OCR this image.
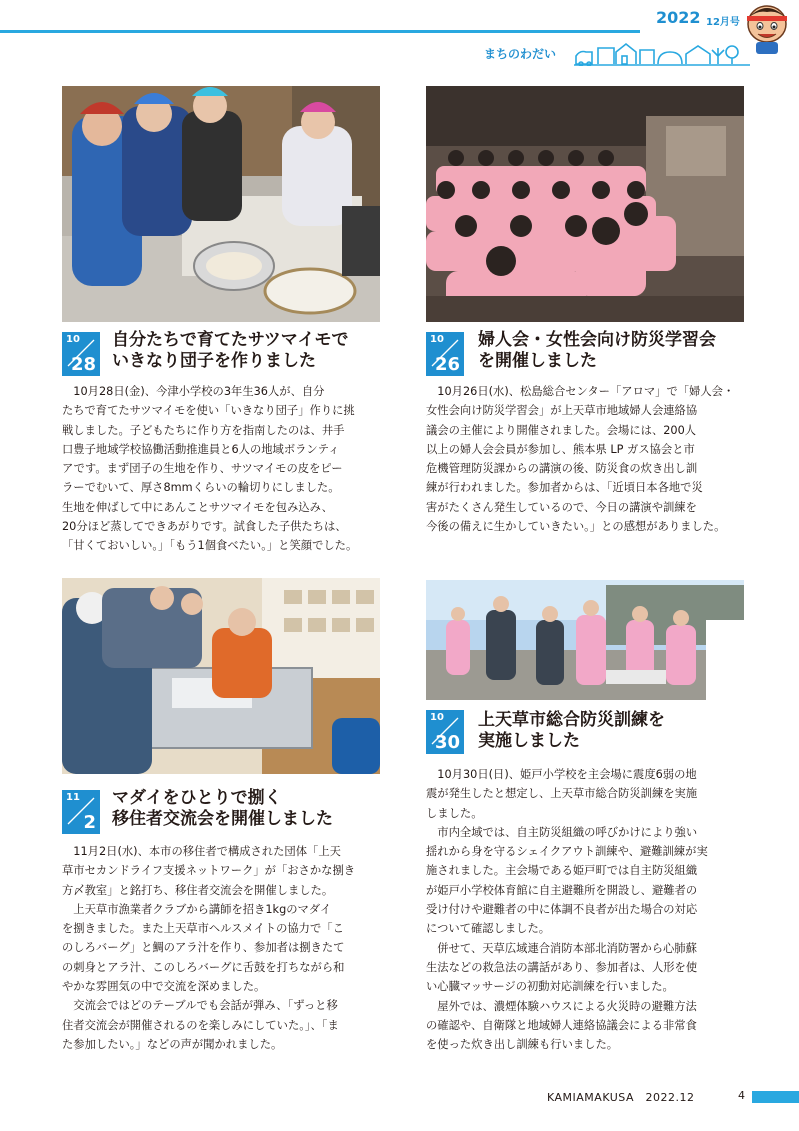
2022 12月号
まちのわだい
10
28
自分たちで育てたサツマイモで
いきなり団子を作りました

10月28日(金)、今津小学校の3年生36人が、自分

たちで育てたサツマイモを使い「いきなり団子」作りに挑

戦しました。子どもたちに作り方を指南したのは、井手

口豊子地域学校協働活動推進員と6人の地域ボランティ

アです。まず団子の生地を作り、サツマイモの皮をピー

ラーでむいて、厚さ8mmくらいの輪切りにしました。

生地を伸ばして中にあんことサツマイモを包み込み、

20分ほど蒸してできあがりです。試食した子供たちは、

「甘くておいしい。」「もう1個食べたい。」と笑顔でした。

10
26
婦人会・女性会向け防災学習会
を開催しました

10月26日(水)、松島総合センター「アロマ」で「婦人会・

女性会向け防災学習会」が上天草市地域婦人会連絡協

議会の主催により開催されました。会場には、200人

以上の婦人会会員が参加し、熊本県 LP ガス協会と市

危機管理防災課からの講演の後、防災食の炊き出し訓

練が行われました。参加者からは、「近頃日本各地で災

害がたくさん発生しているので、今日の講演や訓練を

今後の備えに生かしていきたい。」との感想がありました。

10
30
上天草市総合防災訓練を
実施しました

10月30日(日)、姫戸小学校を主会場に震度6弱の地

震が発生したと想定し、上天草市総合防災訓練を実施

しました。

市内全域では、自主防災組織の呼びかけにより強い

揺れから身を守るシェイクアウト訓練や、避難訓練が実

施されました。主会場である姫戸町では自主防災組織

が姫戸小学校体育館に自主避難所を開設し、避難者の

受け付けや避難者の中に体調不良者が出た場合の対応

について確認しました。

併せて、天草広域連合消防本部北消防署から心肺蘇

生法などの救急法の講話があり、参加者は、人形を使

い心臓マッサージの初動対応訓練を行いました。

屋外では、濃煙体験ハウスによる火災時の避難方法

の確認や、自衛隊と地域婦人連絡協議会による非常食

を使った炊き出し訓練も行いました。

11
2
マダイをひとりで捌く
移住者交流会を開催しました

11月2日(水)、本市の移住者で構成された団体「上天

草市セカンドライフ支援ネットワーク」が「おさかな捌き

方〆教室」と銘打ち、移住者交流会を開催しました。

上天草市漁業者クラブから講師を招き1kgのマダイ

を捌きました。また上天草市ヘルスメイトの協力で「こ

のしろバーグ」と鯛のアラ汁を作り、参加者は捌きたて

の刺身とアラ汁、このしろバーグに舌鼓を打ちながら和

やかな雰囲気の中で交流を深めました。

交流会ではどのテーブルでも会話が弾み、「ずっと移

住者交流会が開催されるのを楽しみにしていた。」、「ま

た参加したい。」などの声が聞かれました。

KAMIAMAKUSA　2022.12	4
